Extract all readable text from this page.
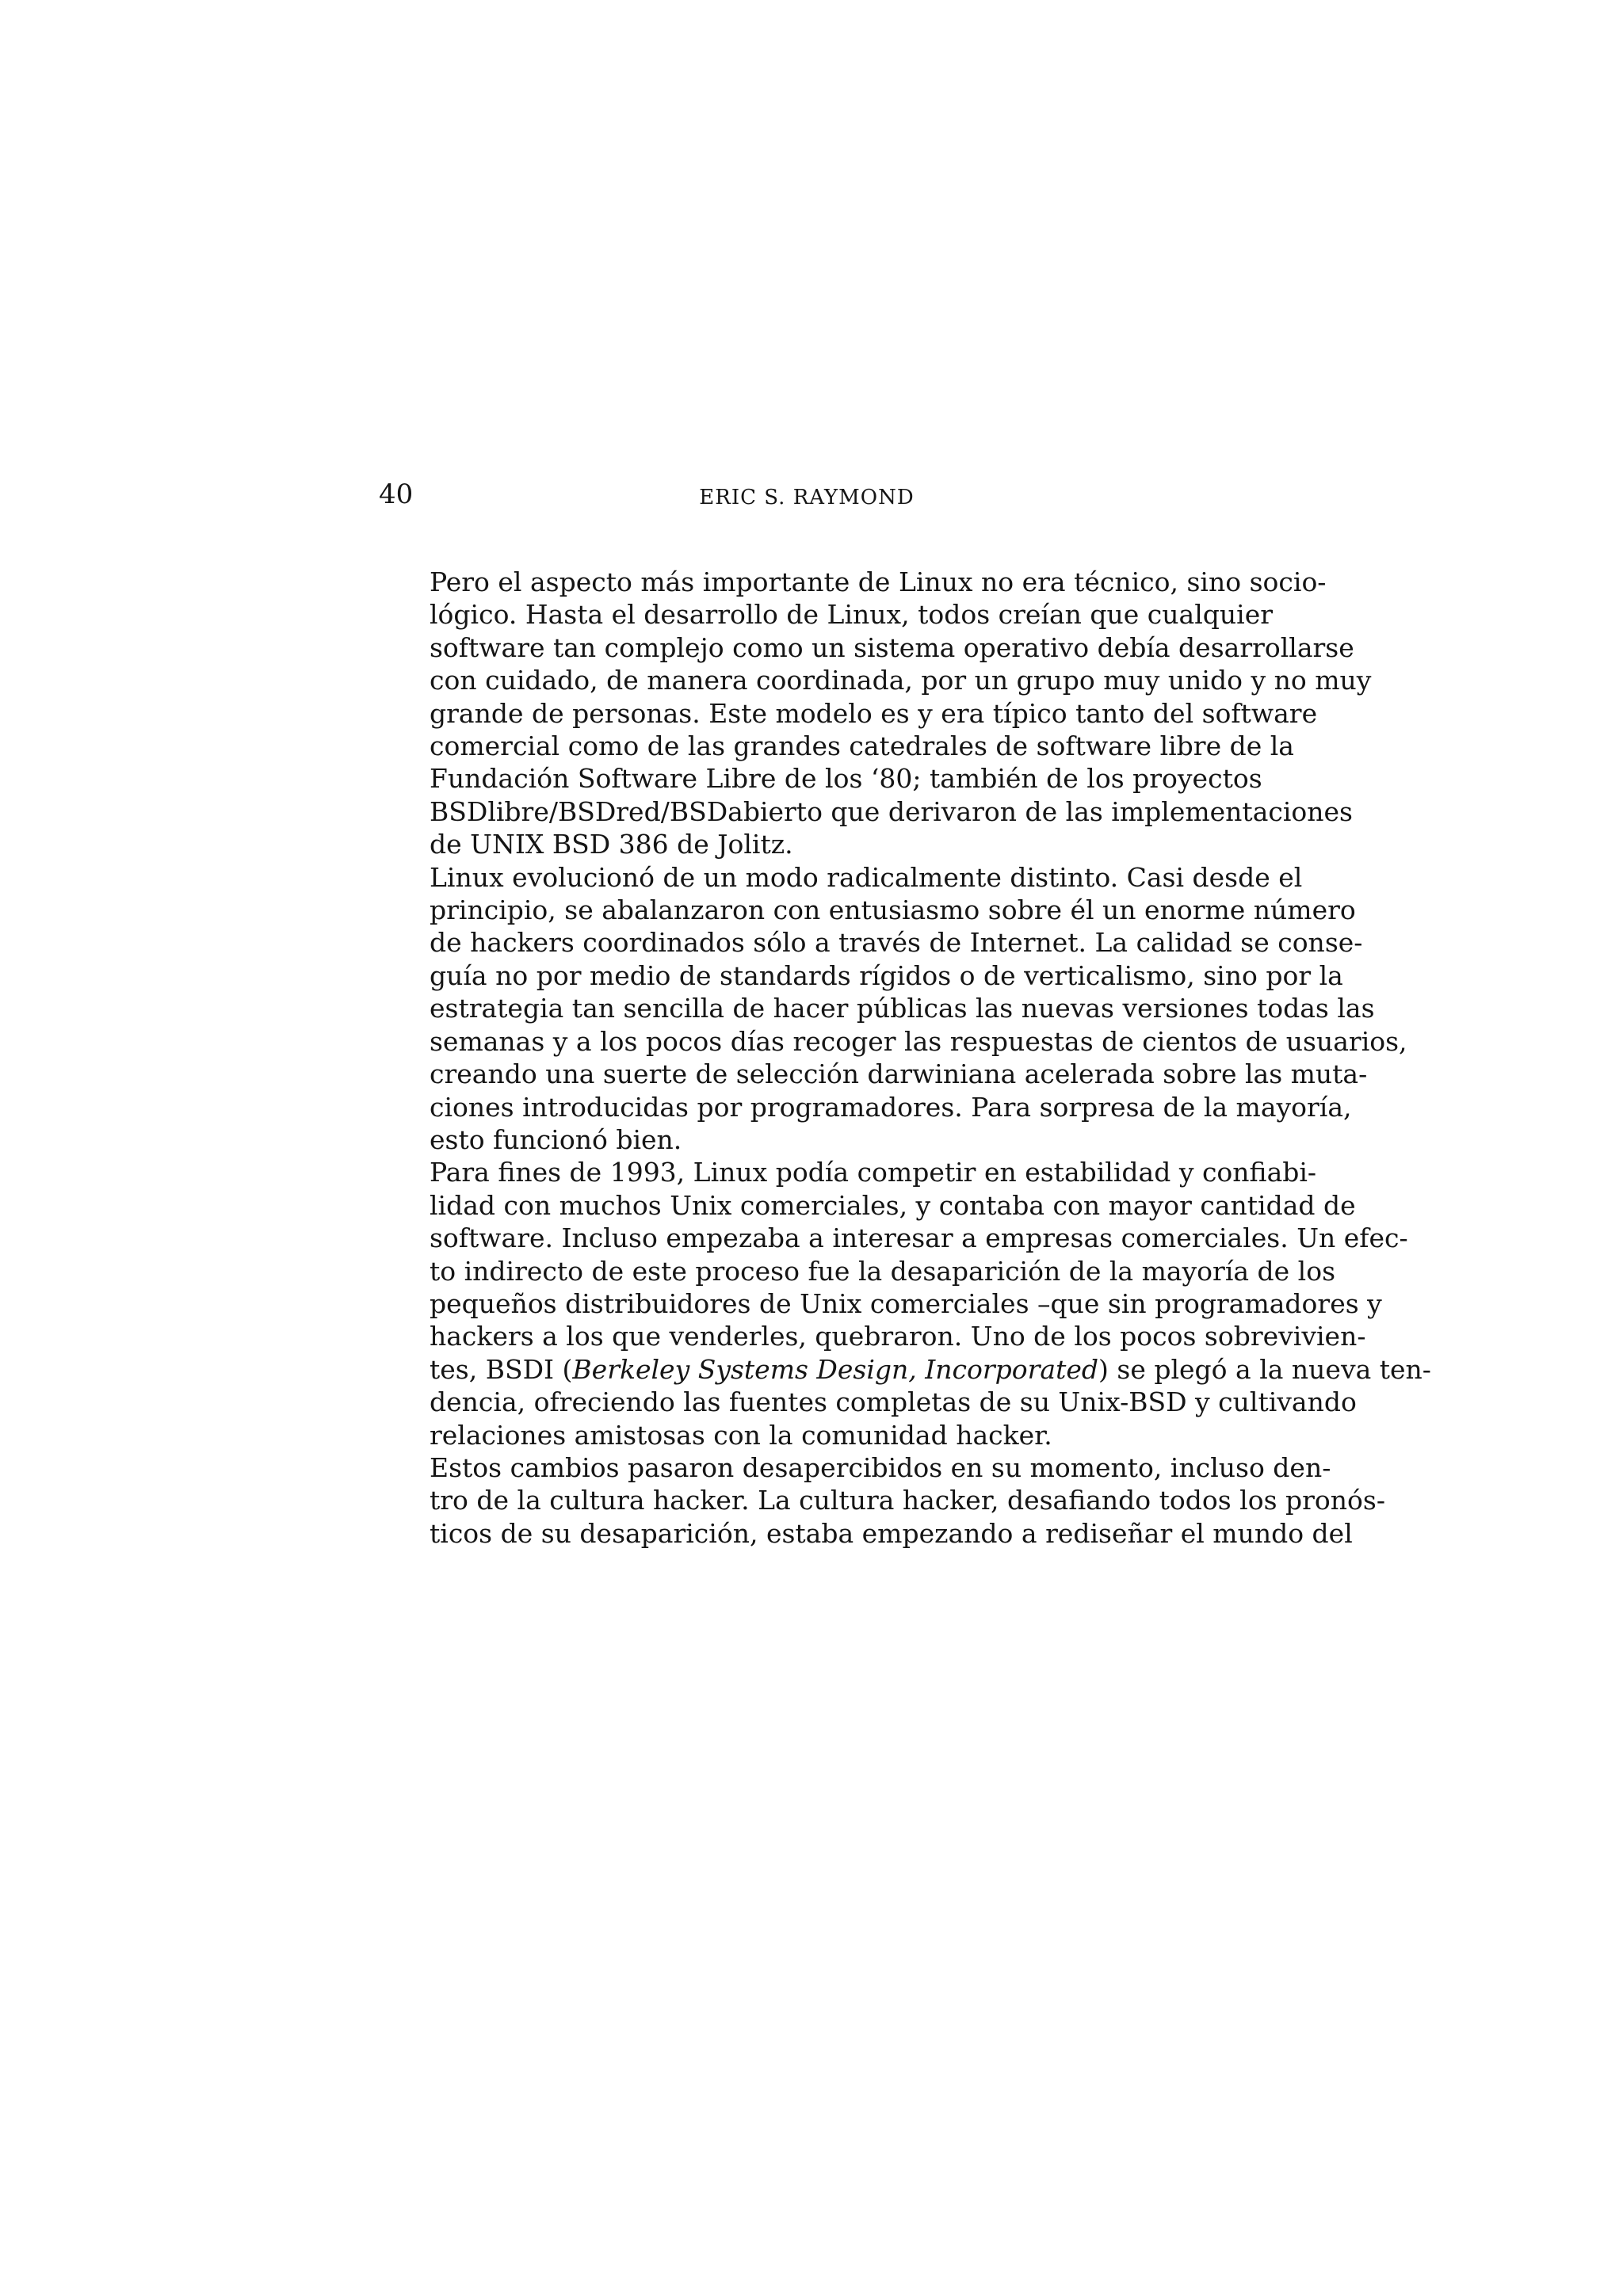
40	ERIC S. RAYMOND

Pero el aspecto más importante de Linux no era técnico, sino socio-
lógico. Hasta el desarrollo de Linux, todos creían que cualquier
software tan complejo como un sistema operativo debía desarrollarse
con cuidado, de manera coordinada, por un grupo muy unido y no muy
grande de personas. Este modelo es y era típico tanto del software
comercial como de las grandes catedrales de software libre de la
Fundación Software Libre de los ‘80; también de los proyectos
BSDlibre/BSDred/BSDabierto que derivaron de las implementaciones
de UNIX BSD 386 de Jolitz.

Linux evolucionó de un modo radicalmente distinto. Casi desde el
principio, se abalanzaron con entusiasmo sobre él un enorme número
de hackers coordinados sólo a través de Internet. La calidad se conse-
guía no por medio de standards rígidos o de verticalismo, sino por la
estrategia tan sencilla de hacer públicas las nuevas versiones todas las
semanas y a los pocos días recoger las respuestas de cientos de usuarios,
creando una suerte de selección darwiniana acelerada sobre las muta-
ciones introducidas por programadores. Para sorpresa de la mayoría,
esto funcionó bien.

Para fines de 1993, Linux podía competir en estabilidad y confiabi-
lidad con muchos Unix comerciales, y contaba con mayor cantidad de
software. Incluso empezaba a interesar a empresas comerciales. Un efec-
to indirecto de este proceso fue la desaparición de la mayoría de los
pequeños distribuidores de Unix comerciales –que sin programadores y
hackers a los que venderles, quebraron. Uno de los pocos sobrevivien-
tes, BSDI (Berkeley Systems Design, Incorporated) se plegó a la nueva ten-
dencia, ofreciendo las fuentes completas de su Unix-BSD y cultivando
relaciones amistosas con la comunidad hacker.

Estos cambios pasaron desapercibidos en su momento, incluso den-
tro de la cultura hacker. La cultura hacker, desafiando todos los pronós-
ticos de su desaparición, estaba empezando a rediseñar el mundo del
